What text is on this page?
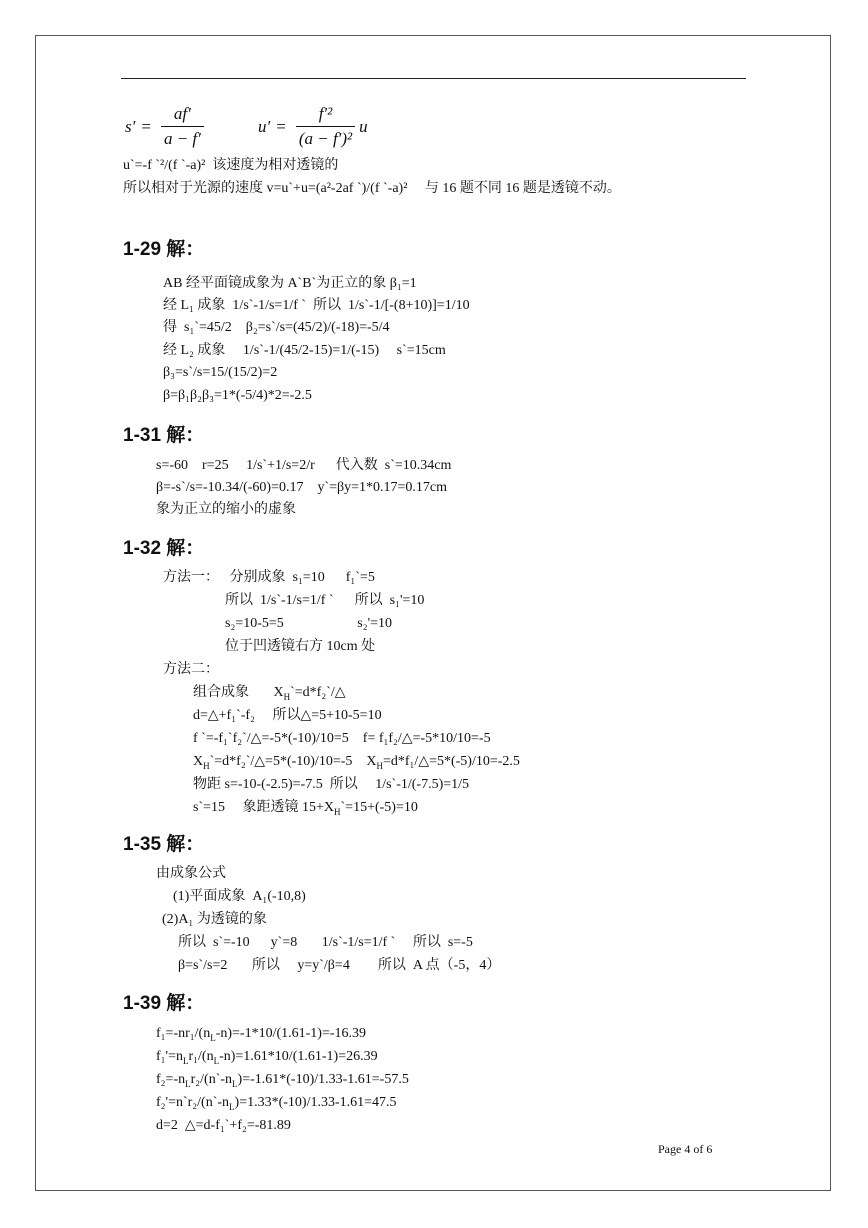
$s' = \frac{af'}{a - f'}$	$u' = \frac{\text{f′²}}{\text{(a − f′)²}}$ u
u`=-f `²/(f `-a)²  该速度为相对透镜的
所以相对于光源的速度 v=u`+u=(a²-2af `)/(f `-a)²     与 16 题不同 16 题是透镜不动。
1-29 解：
AB 经平面镜成象为 A`B`为正立的象 β₁=1
经 L₁ 成象  1/s`-1/s=1/f `  所以  1/s`-1/[-(8+10)]=1/10
得  s₁`=45/2    β₂=s`/s=(45/2)/(-18)=-5/4
经 L₂ 成象     1/s`-1/(45/2-15)=1/(-15)     s`=15cm
β₃=s`/s=15/(15/2)=2
β=β₁β₂β₃=1*(-5/4)*2=-2.5
1-31 解：
s=-60    r=25     1/s`+1/s=2/r      代入数  s`=10.34cm
β=-s`/s=-10.34/(-60)=0.17    y`=βy=1*0.17=0.17cm
象为正立的缩小的虚象
1-32 解：
方法一：   分别成象  s₁=10      f₁`=5
所以  1/s`-1/s=1/f `      所以  s₁'=10
s₂=10-5=5                     s₂'=10
位于凹透镜右方 10cm 处
方法二：
组合成象       $X_H`=d*f_2`/\triangle$
d=△+f₁`-f₂     所以△=5+10-5=10
f `=-f₁`f₂`/△=-5*(-10)/10=5    f= f₁f₂/△=-5*10/10=-5
$X_H`=d*f_2`/\triangle=5*(-10)/10=-5$    $X_H=d*f_1/\triangle=5*(-5)/10=-2.5$
物距 s=-10-(-2.5)=-7.5  所以     1/s`-1/(-7.5)=1/5
s`=15     象距透镜 $15+X_H`=15+(-5)=10$
1-35 解：
由成象公式
(1)平面成象  A₁(-10,8)
(2)A₁ 为透镜的象
所以  s`=-10      y`=8       1/s`-1/s=1/f `     所以  s=-5
β=s`/s=2       所以     y=y`/β=4        所以  A 点（-5，4）
1-39 解：
$f_1=-nr_1/(n_L-n)=-1*10/(1.61-1)=-16.39$
$f_1'=n_Lr_1/(n_L-n)=1.61*10/(1.61-1)=26.39$
$f_2=-n_Lr_2/(n`-n_L)=-1.61*(-10)/1.33-1.61=-57.5$
$f_2'=n`r_2/(n`-n_L)=1.33*(-10)/1.33-1.61=47.5$
d=2  △=d-f₁`+f₂=-81.89
Page 4 of 6
